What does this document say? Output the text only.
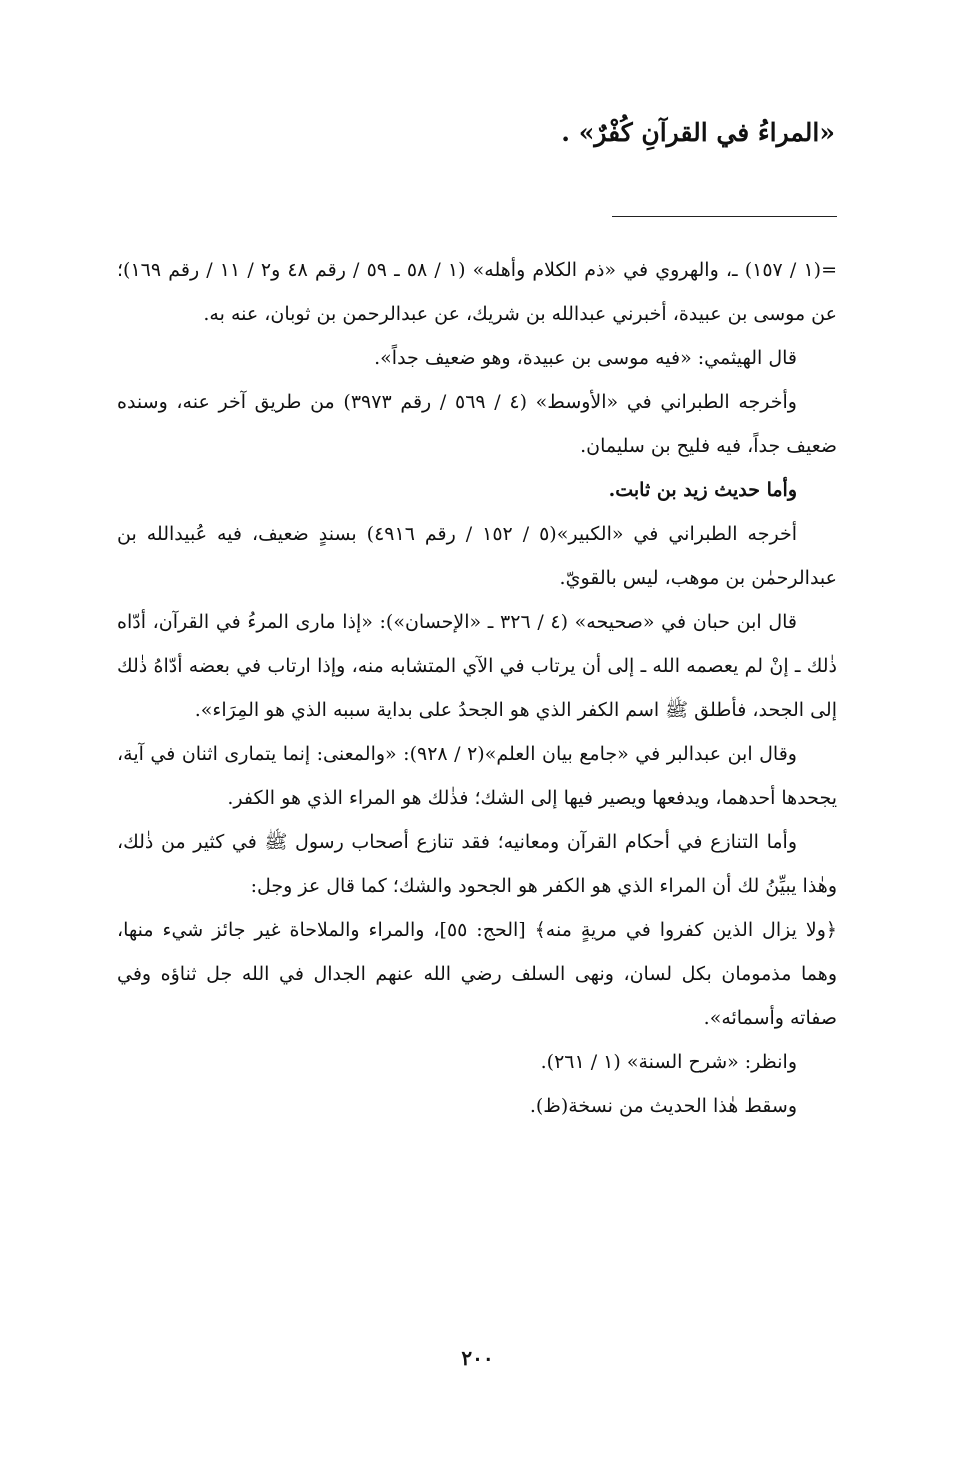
«المراءُ في القرآنِ كُفْرٌ» .

=(١ / ١٥٧) ـ، والهروي في «ذم الكلام وأهله» (١ / ٥٨ ـ ٥٩ / رقم ٤٨ و٢ / ١١ / رقم ١٦٩)؛ عن موسى بن عبيدة، أخبرني عبدالله بن شريك، عن عبدالرحمن بن ثوبان، عنه به.

قال الهيثمي: «فيه موسى بن عبيدة، وهو ضعيف جداً».

وأخرجه الطبراني في «الأوسط» (٤ / ٥٦٩ / رقم ٣٩٧٣) من طريق آخر عنه، وسنده ضعيف جداً، فيه فليح بن سليمان.

وأما حديث زيد بن ثابت.

أخرجه الطبراني في «الكبير»(٥ / ١٥٢ / رقم ٤٩١٦) بسندٍ ضعيف، فيه عُبيدالله بن عبدالرحمٰن بن موهب، ليس بالقويّ.

قال ابن حبان في «صحيحه» (٤ / ٣٢٦ ـ «الإحسان»): «إذا مارى المرءُ في القرآن، أدّاه ذٰلك ـ إنْ لم يعصمه الله ـ إلى أن يرتاب في الآي المتشابه منه، وإذا ارتاب في بعضه أدّاهُ ذٰلك إلى الجحد، فأطلق ﷺ اسم الكفر الذي هو الجحدُ على بداية سببه الذي هو المِرَاء».

وقال ابن عبدالبر في «جامع بيان العلم»(٢ / ٩٢٨): «والمعنى: إنما يتمارى اثنان في آية، يجحدها أحدهما، ويدفعها ويصير فيها إلى الشك؛ فذٰلك هو المراء الذي هو الكفر.

وأما التنازع في أحكام القرآن ومعانيه؛ فقد تنازع أصحاب رسول ﷺ في كثير من ذٰلك، وهٰذا يبيِّنُ لك أن المراء الذي هو الكفر هو الجحود والشك؛ كما قال عز وجل:

﴿ولا يزال الذين كفروا في مريةٍ منه﴾ [الحج: ٥٥]، والمراء والملاحاة غير جائز شيء منها، وهما مذمومان بكل لسان، ونهى السلف رضي الله عنهم الجدال في الله جل ثناؤه وفي صفاته وأسمائه».

وانظر: «شرح السنة» (١ / ٢٦١).

وسقط هٰذا الحديث من نسخة(ظ).

٢٠٠
